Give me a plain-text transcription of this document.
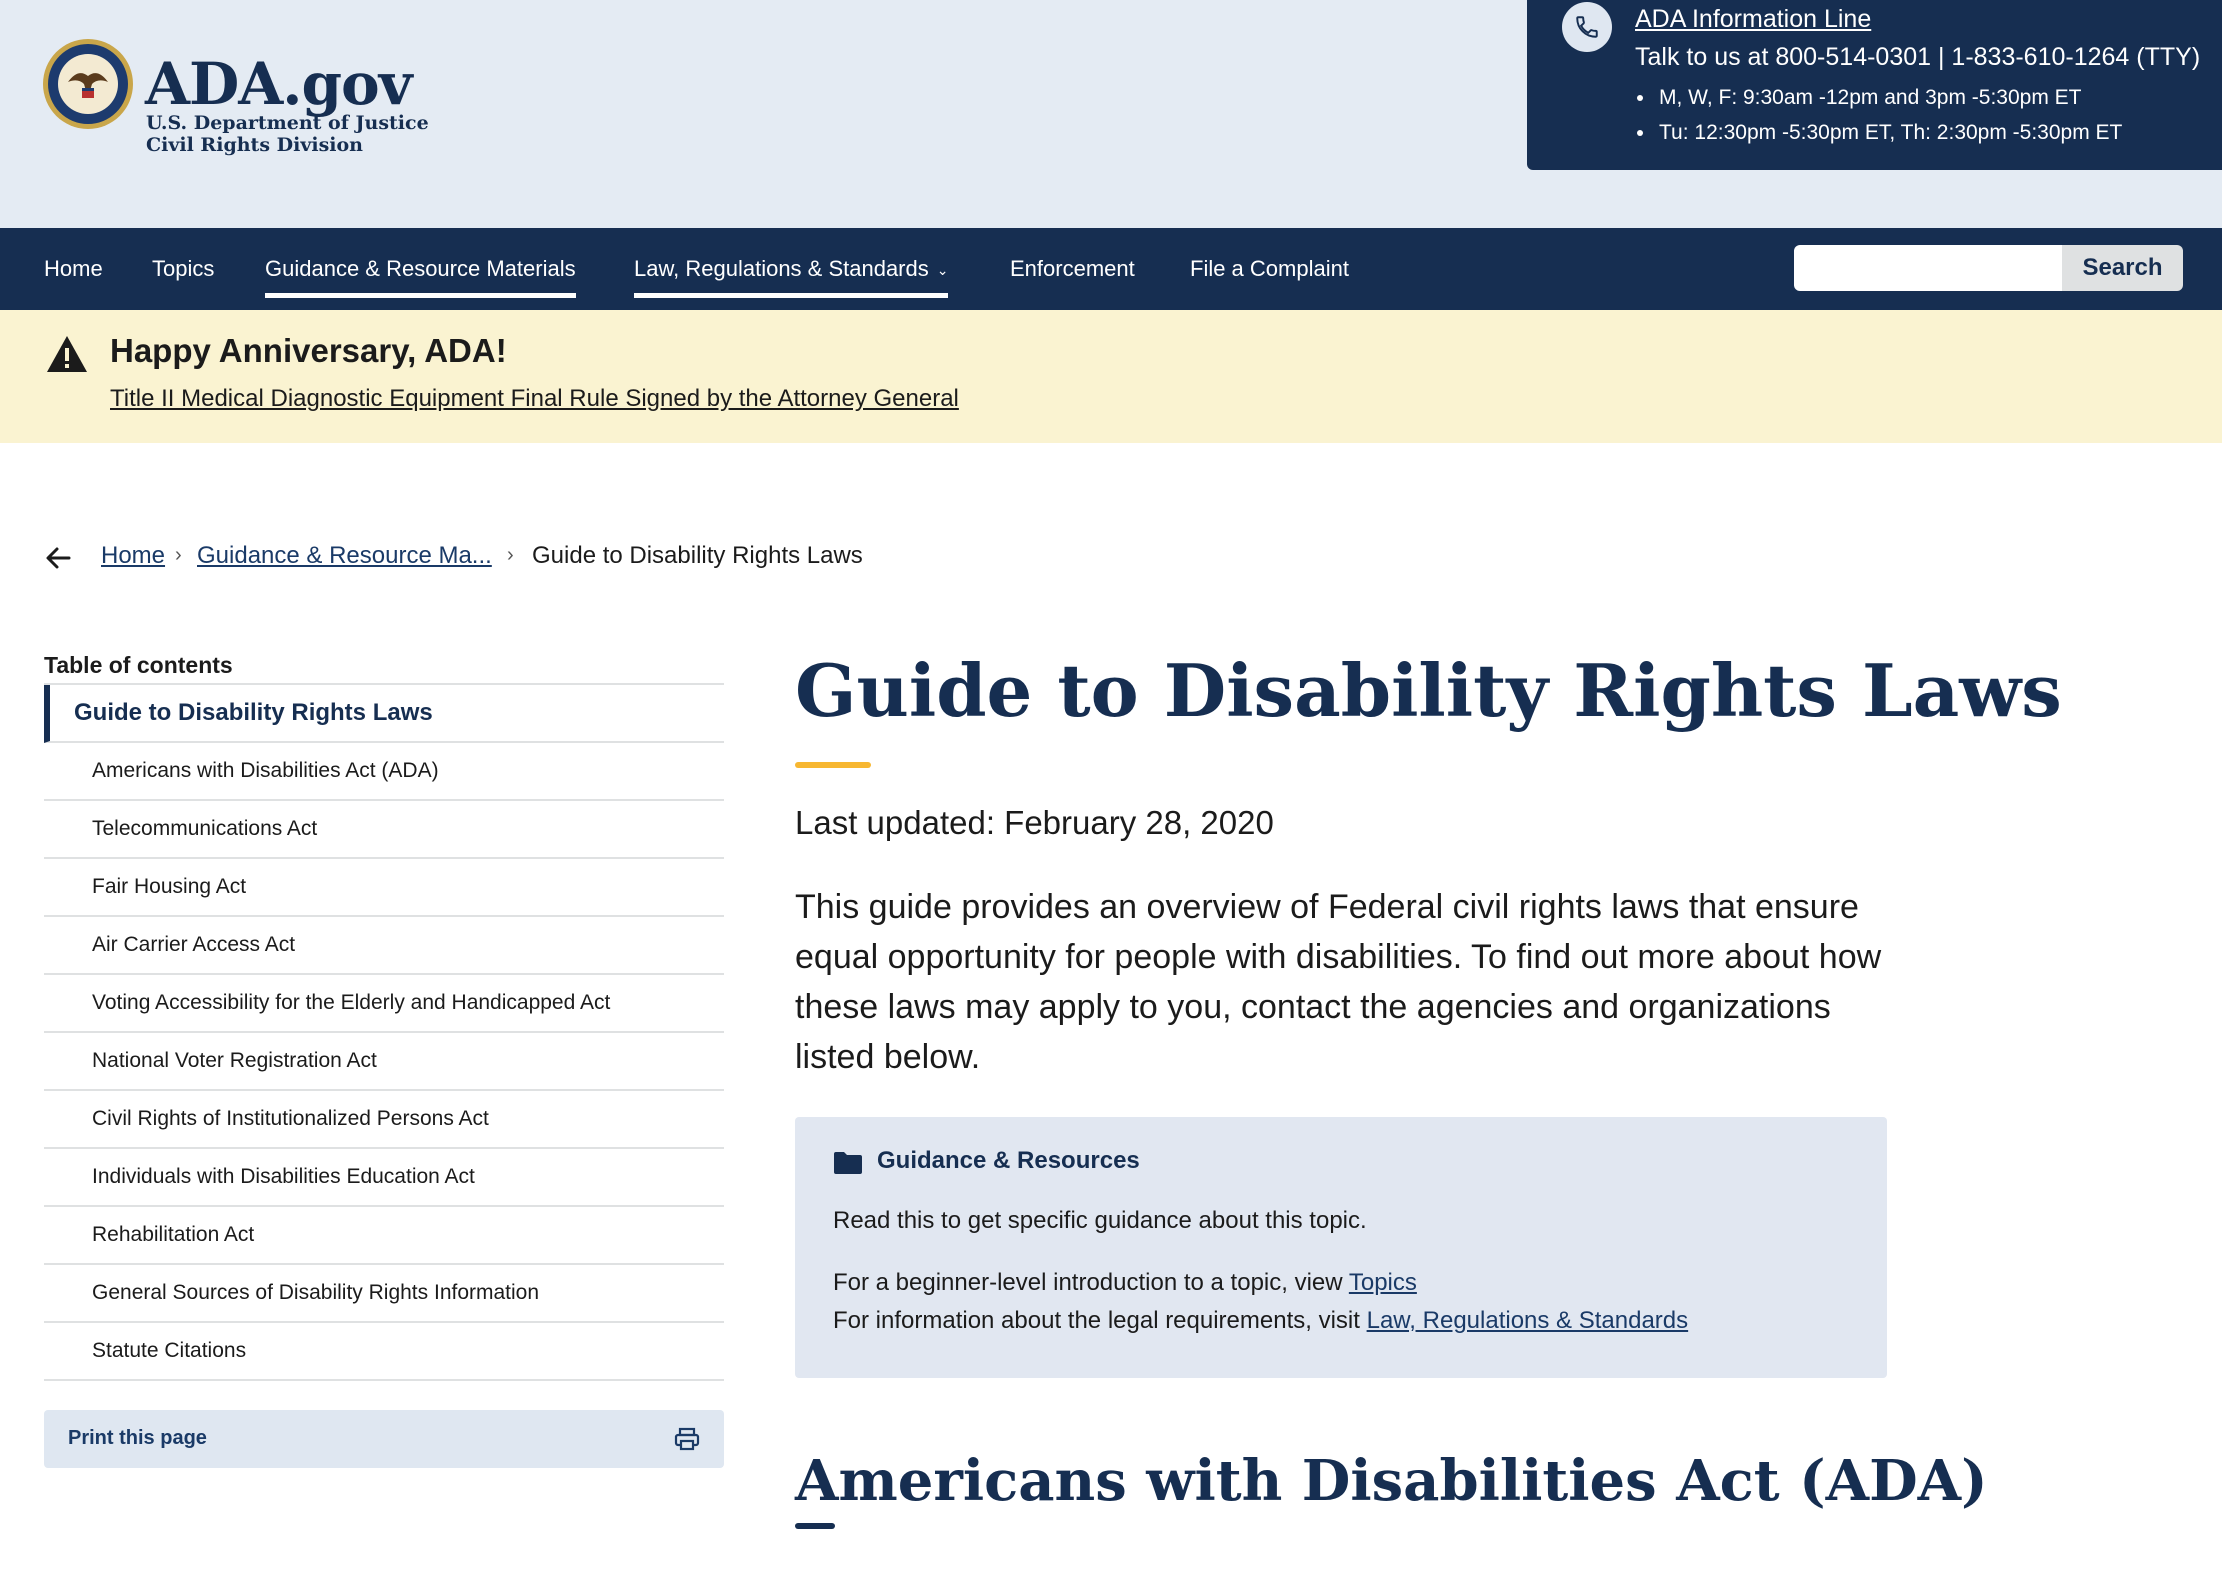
ADA.gov
U.S. Department of Justice
Civil Rights Division
ADA Information Line
Talk to us at 800-514-0301 | 1-833-610-1264 (TTY)
M, W, F: 9:30am -12pm and 3pm -5:30pm ET
Tu: 12:30pm -5:30pm ET, Th: 2:30pm -5:30pm ET
Home Topics Guidance & Resource Materials	Law, Regulations & Standards ⌄	Enforcement	File a Complaint	Search
Happy Anniversary, ADA!
Title II Medical Diagnostic Equipment Final Rule Signed by the Attorney General
Home › Guidance & Resource Ma... › Guide to Disability Rights Laws
Table of contents
Guide to Disability Rights Laws
Americans with Disabilities Act (ADA)
Telecommunications Act
Fair Housing Act
Air Carrier Access Act
Voting Accessibility for the Elderly and Handicapped Act
National Voter Registration Act
Civil Rights of Institutionalized Persons Act
Individuals with Disabilities Education Act
Rehabilitation Act
General Sources of Disability Rights Information
Statute Citations
Print this page
Guide to Disability Rights Laws
Last updated: February 28, 2020

This guide provides an overview of Federal civil rights laws that ensure equal opportunity for people with disabilities. To find out more about how these laws may apply to you, contact the agencies and organizations listed below.

Guidance & Resources
Read this to get specific guidance about this topic.
For a beginner-level introduction to a topic, view Topics
For information about the legal requirements, visit Law, Regulations & Standards
Americans with Disabilities Act (ADA)
